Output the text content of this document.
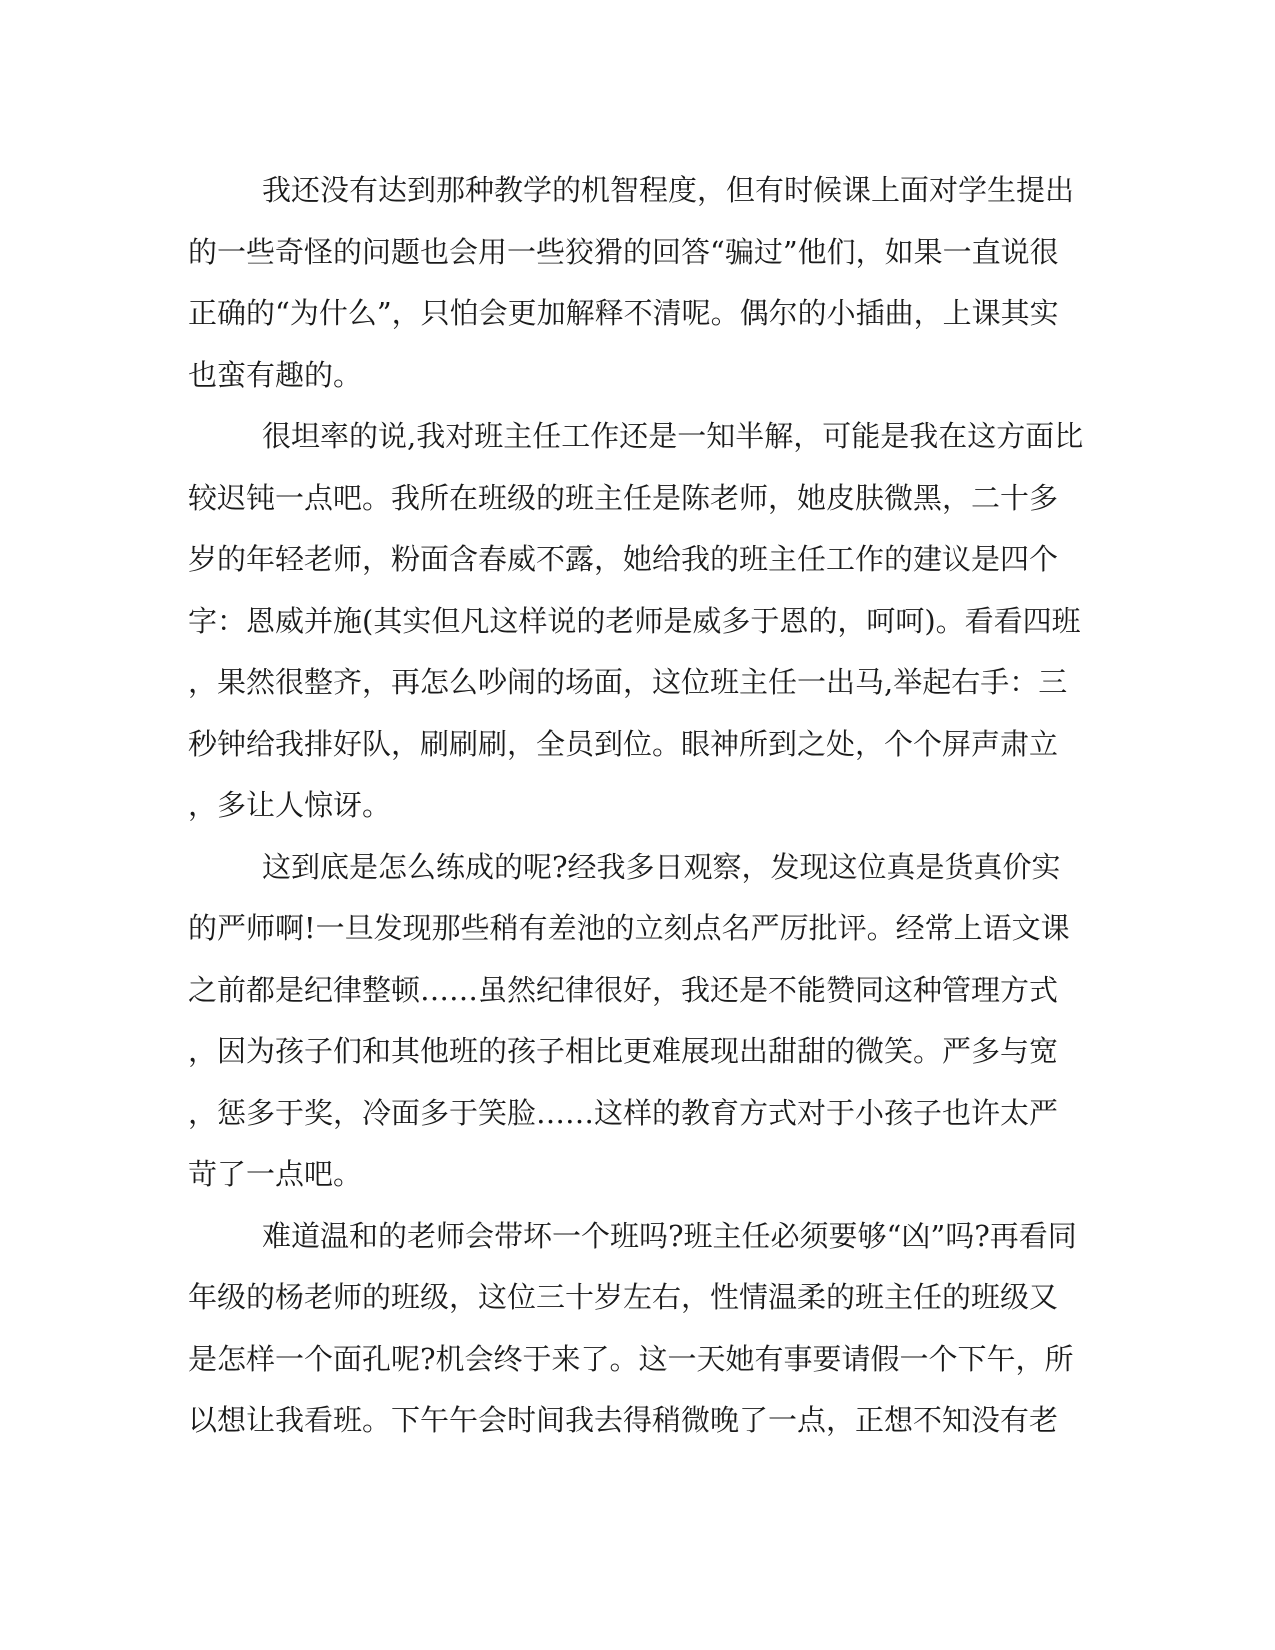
我还没有达到那种教学的机智程度，但有时候课上面对学生提出
的一些奇怪的问题也会用一些狡猾的回答“骗过”他们，如果一直说很
正确的“为什么”，只怕会更加解释不清呢。偶尔的小插曲，上课其实
也蛮有趣的。

很坦率的说,我对班主任工作还是一知半解，可能是我在这方面比
较迟钝一点吧。我所在班级的班主任是陈老师，她皮肤微黑，二十多
岁的年轻老师，粉面含春威不露，她给我的班主任工作的建议是四个
字：恩威并施(其实但凡这样说的老师是威多于恩的，呵呵)。看看四班
，果然很整齐，再怎么吵闹的场面，这位班主任一出马,举起右手：三
秒钟给我排好队，刷刷刷，全员到位。眼神所到之处，个个屏声肃立
，多让人惊讶。

这到底是怎么练成的呢?经我多日观察，发现这位真是货真价实
的严师啊!一旦发现那些稍有差池的立刻点名严厉批评。经常上语文课
之前都是纪律整顿……虽然纪律很好，我还是不能赞同这种管理方式
，因为孩子们和其他班的孩子相比更难展现出甜甜的微笑。严多与宽
，惩多于奖，冷面多于笑脸……这样的教育方式对于小孩子也许太严
苛了一点吧。

难道温和的老师会带坏一个班吗?班主任必须要够“凶”吗?再看同
年级的杨老师的班级，这位三十岁左右，性情温柔的班主任的班级又
是怎样一个面孔呢?机会终于来了。这一天她有事要请假一个下午，所
以想让我看班。下午午会时间我去得稍微晚了一点，正想不知没有老
